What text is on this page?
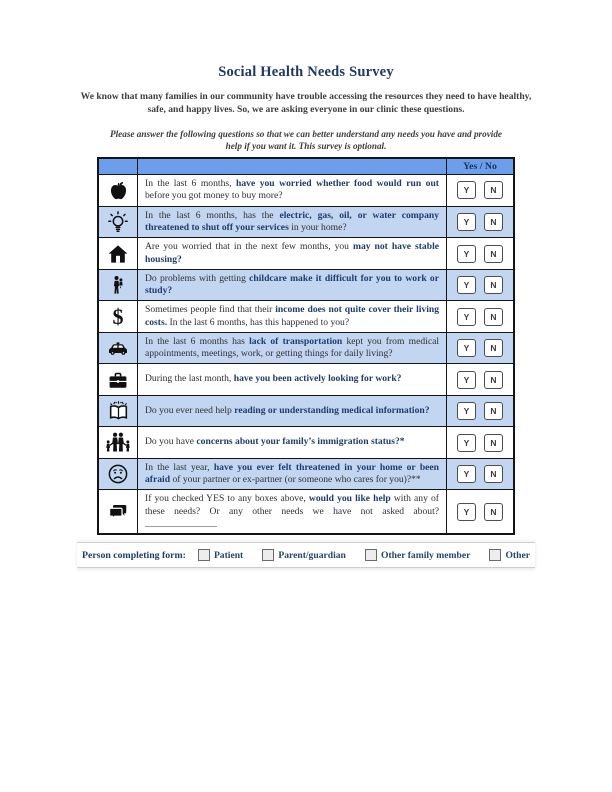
Social Health Needs Survey
We know that many families in our community have trouble accessing the resources they need to have healthy, safe, and happy lives. So, we are asking everyone in our clinic these questions.
Please answer the following questions so that we can better understand any needs you have and provide help if you want it. This survey is optional.
		Yes / No
	In the last 6 months, have you worried whether food would run out before you got money to buy more?	Y N

	In the last 6 months, has the electric, gas, oil, or water company threatened to shut off your services in your home?	Y N

	Are you worried that in the next few months, you may not have stable housing?	Y N

	Do problems with getting childcare make it difficult for you to work or study?	Y N

$	Sometimes people find that their income does not quite cover their living costs. In the last 6 months, has this happened to you?	Y N

	In the last 6 months has lack of transportation kept you from medical appointments, meetings, work, or getting things for daily living?	Y N

	During the last month, have you been actively looking for work?	Y N

	Do you ever need help reading or understanding medical information?	Y N

	Do you have concerns about your family’s immigration status?*	Y N

	In the last year, have you ever felt threatened in your home or been afraid of your partner or ex-partner (or someone who cares for you)?**	Y N

	If you checked YES to any boxes above, would you like help with any of these needs? Or any other needs we have not asked about? _______________	Y N
Person completing form:	Patient	Parent/guardian	Other family member	Other
